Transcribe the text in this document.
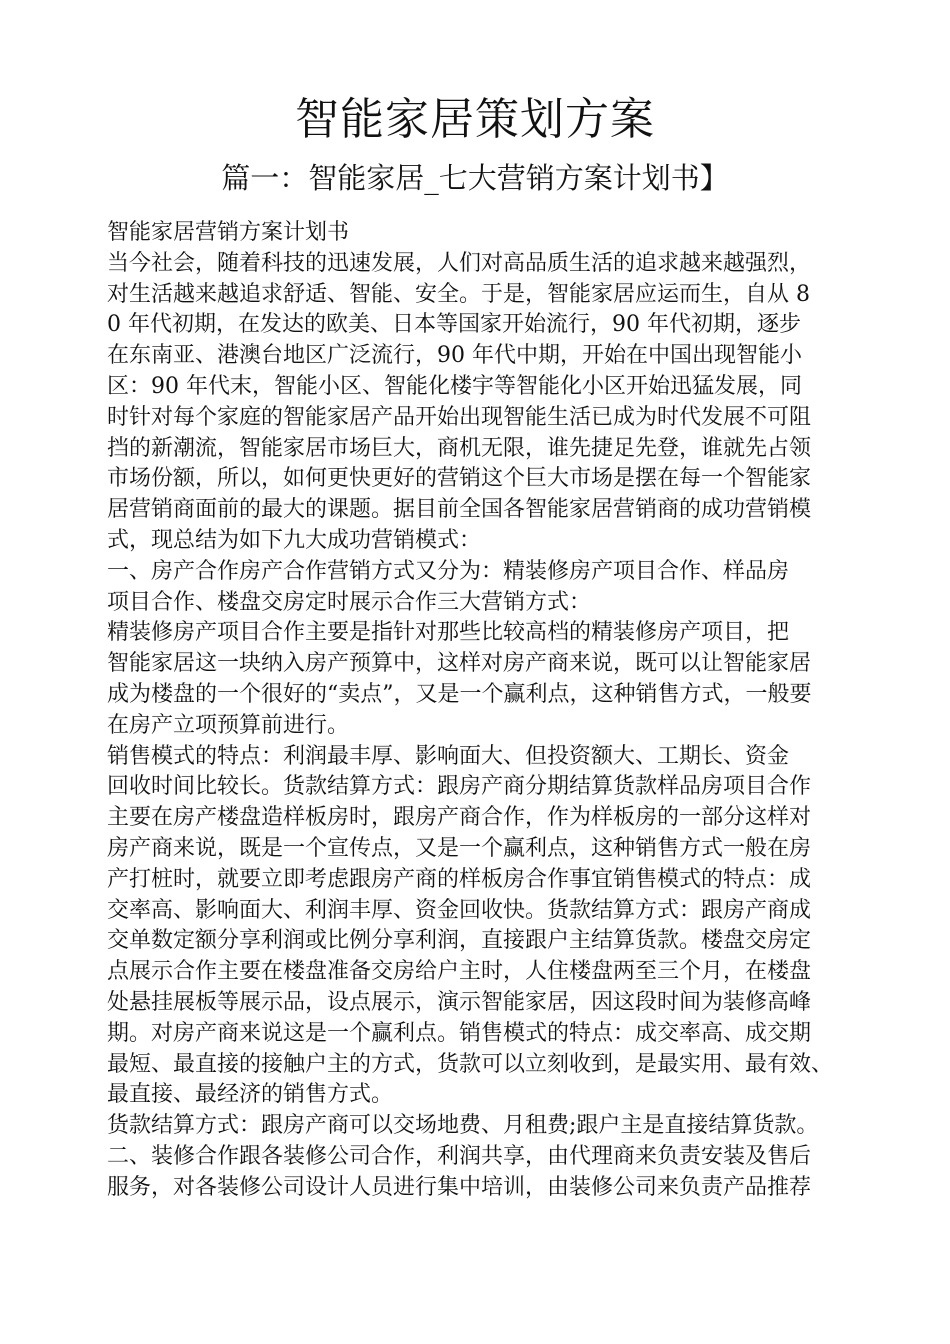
智能家居策划方案
篇一：智能家居_七大营销方案计划书】
智能家居营销方案计划书
当今社会，随着科技的迅速发展，人们对高品质生活的追求越来越强烈，
对生活越来越追求舒适、智能、安全。于是，智能家居应运而生，自从 8
0 年代初期，在发达的欧美、日本等国家开始流行，90 年代初期，逐步
在东南亚、港澳台地区广泛流行，90 年代中期，开始在中国出现智能小
区：90 年代末，智能小区、智能化楼宇等智能化小区开始迅猛发展，同
时针对每个家庭的智能家居产品开始出现智能生活已成为时代发展不可阻
挡的新潮流，智能家居市场巨大，商机无限，谁先捷足先登，谁就先占领
市场份额，所以，如何更快更好的营销这个巨大市场是摆在每一个智能家
居营销商面前的最大的课题。据目前全国各智能家居营销商的成功营销模
式，现总结为如下九大成功营销模式：
一、房产合作房产合作营销方式又分为：精装修房产项目合作、样品房
项目合作、楼盘交房定时展示合作三大营销方式：
精装修房产项目合作主要是指针对那些比较高档的精装修房产项目，把
智能家居这一块纳入房产预算中，这样对房产商来说，既可以让智能家居
成为楼盘的一个很好的“卖点”，又是一个赢利点，这种销售方式，一般要
在房产立项预算前进行。
销售模式的特点：利润最丰厚、影响面大、但投资额大、工期长、资金
回收时间比较长。货款结算方式：跟房产商分期结算货款样品房项目合作
主要在房产楼盘造样板房时，跟房产商合作，作为样板房的一部分这样对
房产商来说，既是一个宣传点，又是一个赢利点，这种销售方式一般在房
产打桩时，就要立即考虑跟房产商的样板房合作事宜销售模式的特点：成
交率高、影响面大、利润丰厚、资金回收快。货款结算方式：跟房产商成
交单数定额分享利润或比例分享利润，直接跟户主结算货款。楼盘交房定
点展示合作主要在楼盘准备交房给户主时，人住楼盘两至三个月，在楼盘
处悬挂展板等展示品，设点展示，演示智能家居，因这段时间为装修高峰
期。对房产商来说这是一个赢利点。销售模式的特点：成交率高、成交期
最短、最直接的接触户主的方式，货款可以立刻收到，是最实用、最有效、
最直接、最经济的销售方式。
货款结算方式：跟房产商可以交场地费、月租费;跟户主是直接结算货款。
二、装修合作跟各装修公司合作，利润共享，由代理商来负责安装及售后
服务，对各装修公司设计人员进行集中培训，由装修公司来负责产品推荐
